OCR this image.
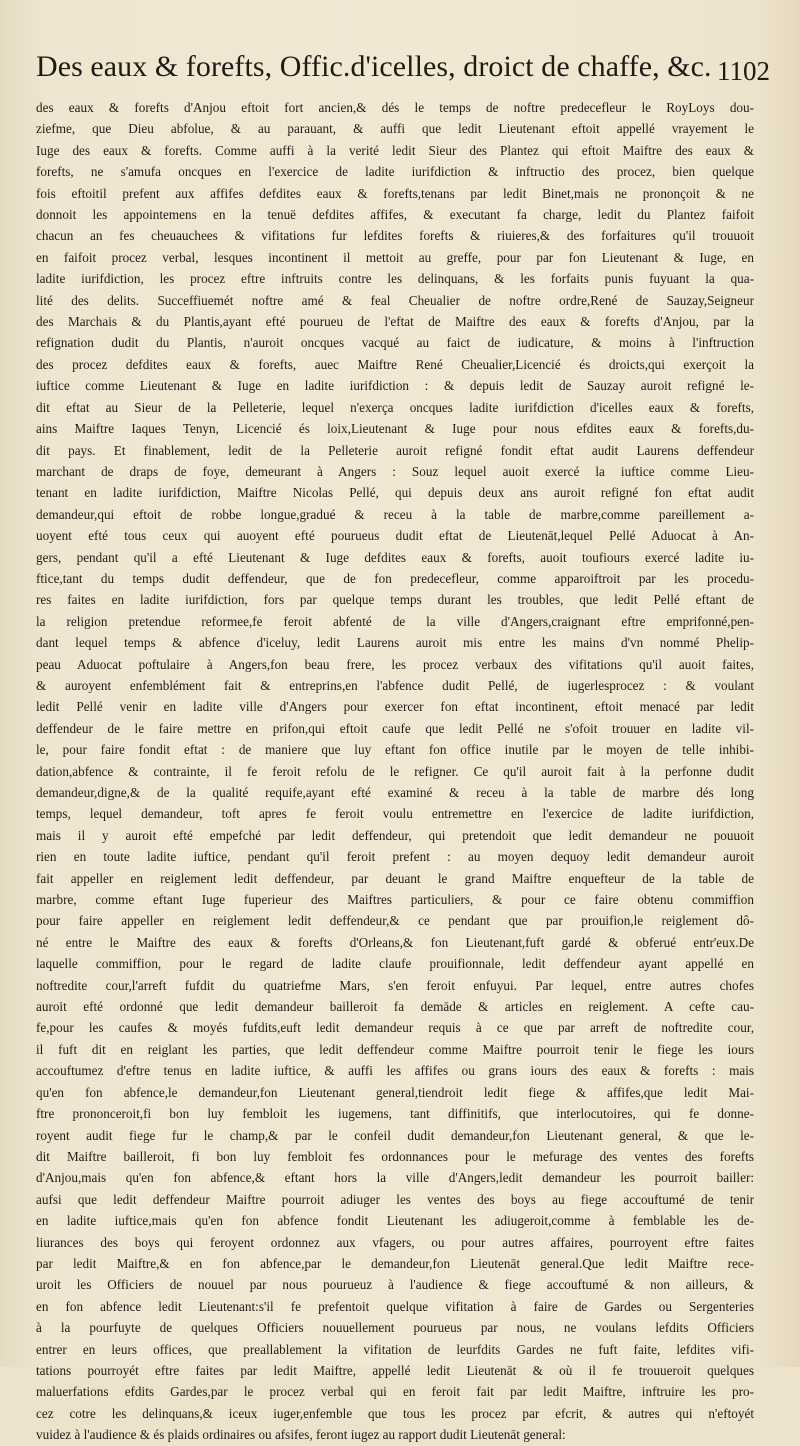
Des eaux & forefts, Offic.d'icelles, droict de chaffe, &c. 1102
des eaux & forefts d'Anjou eftoit fort ancien,& dés le temps de noftre predecefleur le RoyLoys dou-
ziefme, que Dieu abfolue, & au parauant, & auffi que ledit Lieutenant eftoit appellé vrayement le
Iuge des eaux & forefts. Comme auffi à la verité ledit Sieur des Plantez qui eftoit Maiftre des eaux &
forefts, ne s'amufa oncques en l'exercice de ladite iurifdiction & inftructio des procez, bien quelque
fois eftoitil prefent aux affifes defdites eaux & forefts,tenans par ledit Binet,mais ne prononçoit & ne
donnoit les appointemens en la tenuë defdites affifes, & executant fa charge, ledit du Plantez faifoit
chacun an fes cheuauchees & vifitations fur lefdites forefts & riuieres,& des forfaitures qu'il trouuoit
en faifoit procez verbal, lesques incontinent il mettoit au greffe, pour par fon Lieutenant & Iuge, en
ladite iurifdiction, les procez eftre inftruits contre les delinquans, & les forfaits punis fuyuant la qua-
lité des delits. Succeffiuemét noftre amé & feal Cheualier de noftre ordre,René de Sauzay,Seigneur
des Marchais & du Plantis,ayant efté pourueu de l'eftat de Maiftre des eaux & forefts d'Anjou, par la
refignation dudit du Plantis, n'auroit oncques vacqué au faict de iudicature, & moins à l'inftruction
des procez defdites eaux & forefts, auec Maiftre René Cheualier,Licencié és droicts,qui exerçoit la
iuftice comme Lieutenant & Iuge en ladite iurifdiction : & depuis ledit de Sauzay auroit refigné le-
dit eftat au Sieur de la Pelleterie, lequel n'exerça oncques ladite iurifdiction d'icelles eaux & forefts,
ains Maiftre Iaques Tenyn, Licencié és loix,Lieutenant & Iuge pour nous efdites eaux & forefts,du-
dit pays. Et finablement, ledit de la Pelleterie auroit refigné fondit eftat audit Laurens deffendeur
marchant de draps de foye, demeurant à Angers : Souz lequel auoit exercé la iuftice comme Lieu-
tenant en ladite iurifdiction, Maiftre Nicolas Pellé, qui depuis deux ans auroit refigné fon eftat audit
demandeur,qui eftoit de robbe longue,gradué & receu à la table de marbre,comme pareillement a-
uoyent efté tous ceux qui auoyent efté pourueus dudit eftat de Lieutenāt,lequel Pellé Aduocat à An-
gers, pendant qu'il a efté Lieutenant & Iuge defdites eaux & forefts, auoit toufiours exercé ladite iu-
ftice,tant du temps dudit deffendeur, que de fon predecefleur, comme apparoiftroit par les procedu-
res faites en ladite iurifdiction, fors par quelque temps durant les troubles, que ledit Pellé eftant de
la religion pretendue reformee,fe feroit abfenté de la ville d'Angers,craignant eftre emprifonné,pen-
dant lequel temps & abfence d'iceluy, ledit Laurens auroit mis entre les mains d'vn nommé Phelip-
peau Aduocat poftulaire à Angers,fon beau frere, les procez verbaux des vifitations qu'il auoit faites,
& auroyent enfemblément fait & entreprins,en l'abfence dudit Pellé, de iugerlesprocez : & voulant
ledit Pellé venir en ladite ville d'Angers pour exercer fon eftat incontinent, eftoit menacé par ledit
deffendeur de le faire mettre en prifon,qui eftoit caufe que ledit Pellé ne s'ofoit trouuer en ladite vil-
le, pour faire fondit eftat : de maniere que luy eftant fon office inutile par le moyen de telle inhibi-
dation,abfence & contrainte, il fe feroit refolu de le refigner. Ce qu'il auroit fait à la perfonne dudit
demandeur,digne,& de la qualité requife,ayant efté examiné & receu à la table de marbre dés long
temps, lequel demandeur, toft apres fe feroit voulu entremettre en l'exercice de ladite iurifdiction,
mais il y auroit efté empefché par ledit deffendeur, qui pretendoit que ledit demandeur ne pouuoit
rien en toute ladite iuftice, pendant qu'il feroit prefent : au moyen dequoy ledit demandeur auroit
fait appeller en reiglement ledit deffendeur, par deuant le grand Maiftre enquefteur de la table de
marbre, comme eftant Iuge fuperieur des Maiftres particuliers, & pour ce faire obtenu commiffion
pour faire appeller en reiglement ledit deffendeur,& ce pendant que par prouifion,le reiglement dô-
né entre le Maiftre des eaux & forefts d'Orleans,& fon Lieutenant,fuft gardé & obferué entr'eux.De
laquelle commiffion, pour le regard de ladite claufe prouifionnale, ledit deffendeur ayant appellé en
noftredite cour,l'arreft fufdit du quatriefme Mars, s'en feroit enfuyui. Par lequel, entre autres chofes
auroit efté ordonné que ledit demandeur bailleroit fa demāde & articles en reiglement. A cefte cau-
fe,pour les caufes & moyés fufdits,euft ledit demandeur requis à ce que par arreft de noftredite cour,
il fuft dit en reiglant les parties, que ledit deffendeur comme Maiftre pourroit tenir le fiege les iours
accouftumez d'eftre tenus en ladite iuftice, & auffi les affifes ou grans iours des eaux & forefts : mais
qu'en fon abfence,le demandeur,fon Lieutenant general,tiendroit ledit fiege & affifes,que ledit Mai-
ftre prononceroit,fi bon luy fembloit les iugemens, tant diffinitifs, que interlocutoires, qui fe donne-
royent audit fiege fur le champ,& par le confeil dudit demandeur,fon Lieutenant general, & que le-
dit Maiftre bailleroit, fi bon luy fembloit fes ordonnances pour le mefurage des ventes des forefts
d'Anjou,mais qu'en fon abfence,& eftant hors la ville d'Angers,ledit demandeur les pourroit bailler:
aufsi que ledit deffendeur Maiftre pourroit adiuger les ventes des boys au fiege accouftumé de tenir
en ladite iuftice,mais qu'en fon abfence fondit Lieutenant les adiugeroit,comme à femblable les de-
liurances des boys qui feroyent ordonnez aux vfagers, ou pour autres affaires, pourroyent eftre faites
par ledit Maiftre,& en fon abfence,par le demandeur,fon Lieutenāt general.Que ledit Maiftre rece-
uroit les Officiers de nouuel par nous pourueuz à l'audience & fiege accouftumé & non ailleurs, &
en fon abfence ledit Lieutenant:s'il fe prefentoit quelque vifitation à faire de Gardes ou Sergenteries
à la pourfuyte de quelques Officiers nouuellement pourueus par nous, ne voulans lefdits Officiers
entrer en leurs offices, que preallablement la vifitation de leurfdits Gardes ne fuft faite, lefdites vifi-
tations pourroyét eftre faites par ledit Maiftre, appellé ledit Lieutenāt & où il fe trouueroit quelques
maluerfations efdits Gardes,par le procez verbal qui en feroit fait par ledit Maiftre, inftruire les pro-
cez cotre les delinquans,& iceux iuger,enfemble que tous les procez par efcrit, & autres qui n'eftoyét
vuidez à l'audience & és plaids ordinaires ou afsifes, feront iugez au rapport dudit Lieutenāt general:
